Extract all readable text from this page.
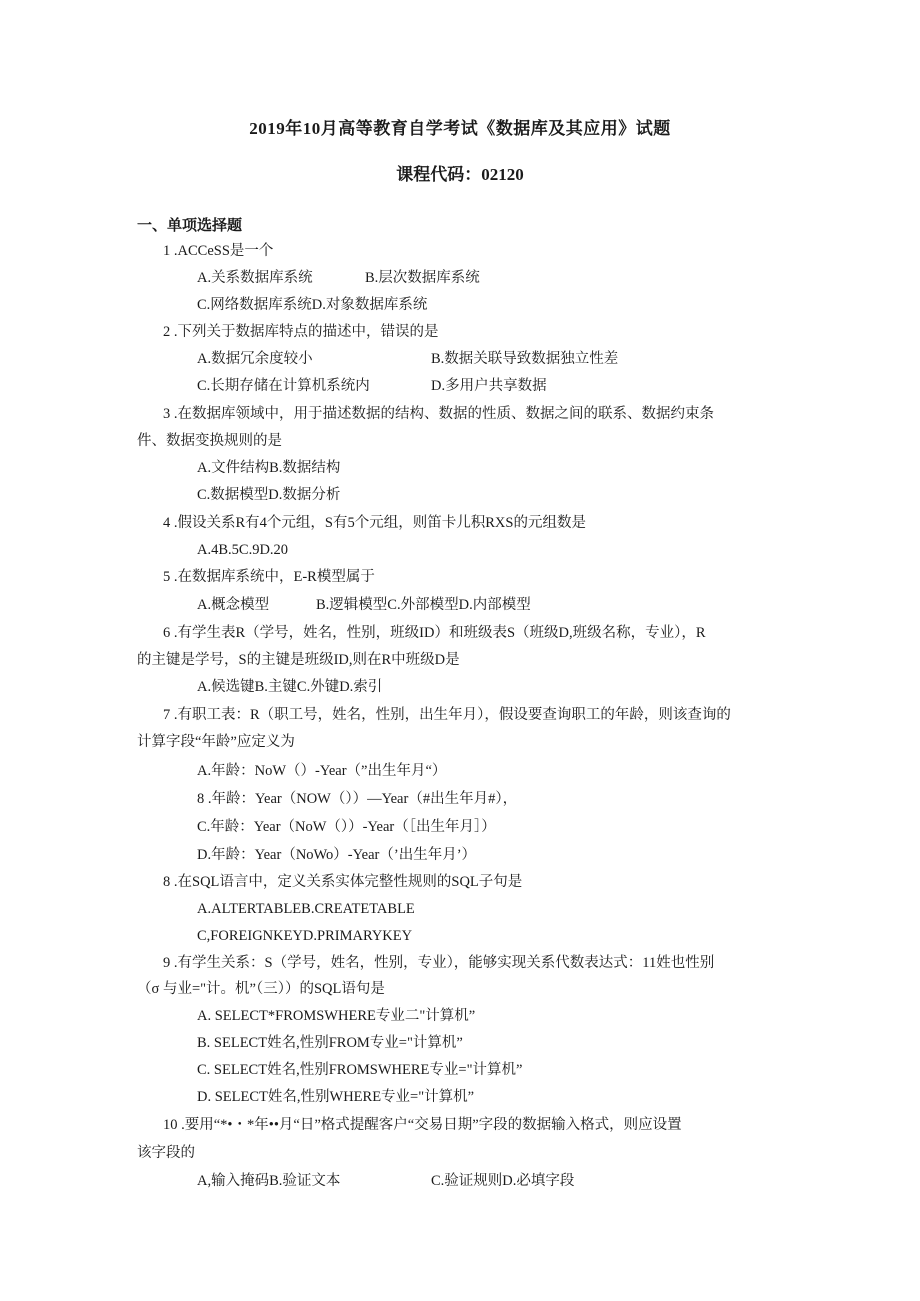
2019年10月高等教育自学考试《数据库及其应用》试题
课程代码：02120
一、单项选择题
1 .ACCeSS是一个
A.关系数据库系统	B.层次数据库系统
C.网络数据库系统D.对象数据库系统
2 .下列关于数据库特点的描述中，错误的是
A.数据冗余度较小	B.数据关联导致数据独立性差
C.长期存储在计算机系统内	D.多用户共享数据
3 .在数据库领域中，用于描述数据的结构、数据的性质、数据之间的联系、数据约束条
件、数据变换规则的是
A.文件结构B.数据结构
C.数据模型D.数据分析
4 .假设关系R有4个元组，S有5个元组，则笛卡儿积RXS的元组数是
A.4B.5C.9D.20
5 .在数据库系统中，E-R模型属于
A.概念模型	B.逻辑模型C.外部模型D.内部模型
6 .有学生表R（学号，姓名，性别，班级ID）和班级表S（班级D,班级名称，专业），R
的主键是学号，S的主键是班级ID,则在R中班级D是
A.候选键B.主键C.外键D.索引
7 .有职工表：R（职工号，姓名，性别，出生年月），假设要查询职工的年龄，则该查询的
计算字段“年龄”应定义为
A.年龄：NoW（）-Year（”出生年月“）
8 .年龄：Year（NOW（））—Year（#出生年月#），
C.年龄：Year（NoW（））-Year（［出生年月］）
D.年龄：Year（NoWo）-Year（’出生年月’）
8 .在SQL语言中，定义关系实体完整性规则的SQL子句是
A.ALTERTABLEB.CREATETABLE
C,FOREIGNKEYD.PRIMARYKEY
9 .有学生关系：S（学号，姓名，性别，专业），能够实现关系代数表达式：11姓也性别
（σ 与业="计。机”（三））的SQL语句是
A. SELECT*FROMSWHERE专业二"计算机”
B. SELECT姓名,性别FROM专业="计算机”
C. SELECT姓名,性别FROMSWHERE专业="计算机”
D. SELECT姓名,性别WHERE专业="计算机”
10 .要用“*•・*年••月“日”格式提醒客户“交易日期”字段的数据输入格式，则应设置
该字段的
A,输入掩码B.验证文本	C.验证规则D.必填字段
